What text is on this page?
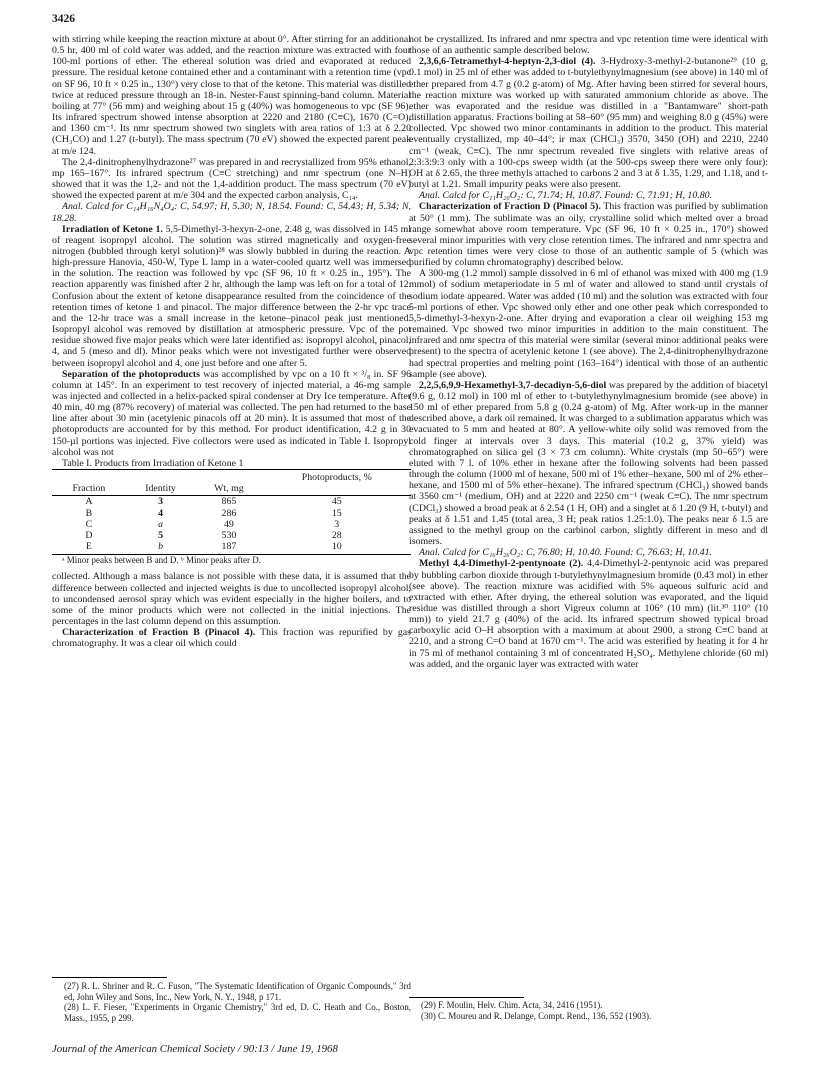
3426

with stirring while keeping the reaction mixture at about 0°. After stirring for an additional 0.5 hr, 400 ml of cold water was added, and the reaction mixture was extracted with four 100-ml portions of ether. The ethereal solution was dried and evaporated at reduced pressure. The residual ketone contained ether and a contaminant with a retention time (vpc on SF 96, 10 ft × 0.25 in., 130°) very close to that of the ketone. This material was distilled twice at reduced pressure through an 18-in. Nester-Faust spinning-band column. Material boiling at 77° (56 mm) and weighing about 15 g (40%) was homogeneous to vpc (SF 96). Its infrared spectrum showed intense absorption at 2220 and 2180 (C≡C), 1670 (C=O), and 1360 cm⁻¹. Its nmr spectrum showed two singlets with area ratios of 1:3 at δ 2.20 (CH₃CO) and 1.27 (t-butyl). The mass spectrum (70 eV) showed the expected parent peak at m/e 124.

The 2,4-dinitrophenylhydrazone²⁷ was prepared in and recrystallized from 95% ethanol, mp 165–167°. Its infrared spectrum (C≡C stretching) and nmr spectrum (one N–H) showed that it was the 1,2- and not the 1,4-addition product. The mass spectrum (70 eV) showed the expected parent at m/e 304 and the expected carbon analysis, C₁₄.

Anal. Calcd for C₁₄H₁₆N₄O₄: C, 54.97; H, 5.30; N, 18.54. Found: C, 54.43; H, 5.34; N, 18.28.

Irradiation of Ketone 1. 5,5-Dimethyl-3-hexyn-2-one, 2.48 g, was dissolved in 145 ml of reagent isopropyl alcohol. The solution was stirred magnetically and oxygen-free nitrogen (bubbled through ketyl solution)²⁸ was slowly bubbled in during the reaction. A high-pressure Hanovia, 450-W, Type L lamp in a water-cooled quartz well was immersed in the solution. The reaction was followed by vpc (SF 96, 10 ft × 0.25 in., 195°). The reaction apparently was finished after 2 hr, although the lamp was left on for a total of 12. Confusion about the extent of ketone disappearance resulted from the coincidence of the retention times of ketone 1 and pinacol. The major difference between the 2-hr vpc trace and the 12-hr trace was a small increase in the ketone–pinacol peak just mentioned. Isopropyl alcohol was removed by distillation at atmospheric pressure. Vpc of the pot residue showed five major peaks which were later identified as: isopropyl alcohol, pinacol, 4, and 5 (meso and dl). Minor peaks which were not investigated further were observed between isopropyl alcohol and 4, one just before and one after 5.

Separation of the photoproducts was accomplished by vpc on a 10 ft × ³/₈ in. SF 96 column at 145°. In an experiment to test recovery of injected material, a 46-mg sample was injected and collected in a helix-packed spiral condenser at Dry Ice temperature. After 40 min, 40 mg (87% recovery) of material was collected. The pen had returned to the base line after about 30 min (acetylenic pinacols off at 20 min). It is assumed that most of the photoproducts are accounted for by this method. For product identification, 4.2 g in 30 150-µl portions was injected. Five collectors were used as indicated in Table I. Isopropyl alcohol was not

Table I. Products from Irradiation of Ketone 1

			Photoproducts, %
Fraction	Identity	Wt, mg	
A	3	865	45
B	4	286	15
C	a	49	3
D	5	530	28
E	b	187	10

ᵃ Minor peaks between B and D. ᵇ Minor peaks after D.

collected. Although a mass balance is not possible with these data, it is assumed that the difference between collected and injected weights is due to uncollected isopropyl alcohol, to uncondensed aerosol spray which was evident especially in the higher boilers, and to some of the minor products which were not collected in the initial injections. The percentages in the last column depend on this assumption.

Characterization of Fraction B (Pinacol 4). This fraction was repurified by gas chromatography. It was a clear oil which could

not be crystallized. Its infrared and nmr spectra and vpc retention time were identical with those of an authentic sample described below.

2,3,6,6-Tetramethyl-4-heptyn-2,3-diol (4). 3-Hydroxy-3-methyl-2-butanone²⁹ (10 g, 0.1 mol) in 25 ml of ether was added to t-butylethynylmagnesium (see above) in 140 ml of ether prepared from 4.7 g (0.2 g-atom) of Mg. After having been stirred for several hours, the reaction mixture was worked up with saturated ammonium chloride as above. The ether was evaporated and the residue was distilled in a "Bantamware" short-path distillation apparatus. Fractions boiling at 58–60° (95 mm) and weighing 8.0 g (45%) were collected. Vpc showed two minor contaminants in addition to the product. This material eventually crystallized, mp 40–44°; ir max (CHCl₃) 3570, 3450 (OH) and 2210, 2240 cm⁻¹ (weak, C≡C). The nmr spectrum revealed five singlets with relative areas of 2:3:3:9:3 only with a 100-cps sweep width (at the 500-cps sweep there were only four): OH at δ 2.65, the three methyls attached to carbons 2 and 3 at δ 1.35, 1.29, and 1.18, and t-butyl at 1.21. Small impurity peaks were also present.

Anal. Calcd for C₁₁H₂₀O₂: C, 71.74; H, 10.87. Found: C, 71.91; H, 10.80.

Characterization of Fraction D (Pinacol 5). This fraction was purified by sublimation at 50° (1 mm). The sublimate was an oily, crystalline solid which melted over a broad range somewhat above room temperature. Vpc (SF 96, 10 ft × 0.25 in., 170°) showed several minor impurities with very close retention times. The infrared and nmr spectra and vpc retention times were very close to those of an authentic sample of 5 (which was purified by column chromatography) described below.

A 300-mg (1.2 mmol) sample dissolved in 6 ml of ethanol was mixed with 400 mg (1.9 mmol) of sodium metaperiodate in 5 ml of water and allowed to stand until crystals of sodium iodate appeared. Water was added (10 ml) and the solution was extracted with four 5-ml portions of ether. Vpc showed only ether and one other peak which corresponded to 5,5-dimethyl-3-hexyn-2-one. After drying and evaporation a clear oil weighing 153 mg remained. Vpc showed two minor impurities in addition to the main constituent. The infrared and nmr spectra of this material were similar (several minor additional peaks were present) to the spectra of acetylenic ketone 1 (see above). The 2,4-dinitrophenylhydrazone had spectral properties and melting point (163–164°) identical with those of an authentic sample (see above).

2,2,5,6,9,9-Hexamethyl-3,7-decadiyn-5,6-diol was prepared by the addition of biacetyl (9.6 g, 0.12 mol) in 100 ml of ether to t-butylethynylmagnesium bromide (see above) in 150 ml of ether prepared from 5.8 g (0.24 g-atom) of Mg. After work-up in the manner described above, a dark oil remained. It was charged to a sublimation apparatus which was evacuated to 5 mm and heated at 80°. A yellow-white oily solid was removed from the cold finger at intervals over 3 days. This material (10.2 g, 37% yield) was chromatographed on silica gel (3 × 73 cm column). White crystals (mp 50–65°) were eluted with 7 l. of 10% ether in hexane after the following solvents had been passed through the column (1000 ml of hexane, 500 ml of 1% ether–hexane, 500 ml of 2% ether–hexane, and 1500 ml of 5% ether–hexane). The infrared spectrum (CHCl₃) showed bands at 3560 cm⁻¹ (medium, OH) and at 2220 and 2250 cm⁻¹ (weak C≡C). The nmr spectrum (CDCl₃) showed a broad peak at δ 2.54 (1 H, OH) and a singlet at δ 1.20 (9 H, t-butyl) and peaks at δ 1.51 and 1.45 (total area, 3 H; peak ratios 1.25:1.0). The peaks near δ 1.5 are assigned to the methyl group on the carbinol carbon, slightly different in meso and dl isomers.

Anal. Calcd for C₁₆H₂₆O₂: C, 76.80; H, 10.40. Found: C, 76.63; H, 10.41.

Methyl 4,4-Dimethyl-2-pentynoate (2). 4,4-Dimethyl-2-pentynoic acid was prepared by bubbling carbon dioxide through t-butylethynylmagnesium bromide (0.43 mol) in ether (see above). The reaction mixture was acidified with 5% aqueous sulfuric acid and extracted with ether. After drying, the ethereal solution was evaporated, and the liquid residue was distilled through a short Vigreux column at 106° (10 mm) (lit.³⁰ 110° (10 mm)) to yield 21.7 g (40%) of the acid. Its infrared spectrum showed typical broad carboxylic acid O–H absorption with a maximum at about 2900, a strong C≡C band at 2210, and a strong C=O band at 1670 cm⁻¹. The acid was esterified by heating it for 4 hr in 75 ml of methanol containing 3 ml of concentrated H₂SO₄. Methylene chloride (60 ml) was added, and the organic layer was extracted with water

(27) R. L. Shriner and R. C. Fuson, "The Systematic Identification of Organic Compounds," 3rd ed, John Wiley and Sons, Inc., New York, N. Y., 1948, p 171.

(28) L. F. Fieser, "Experiments in Organic Chemistry," 3rd ed, D. C. Heath and Co., Boston, Mass., 1955, p 299.

(29) F. Moulin, Helv. Chim. Acta, 34, 2416 (1951).

(30) C. Moureu and R. Delange, Compt. Rend., 136, 552 (1903).

Journal of the American Chemical Society / 90:13 / June 19, 1968
